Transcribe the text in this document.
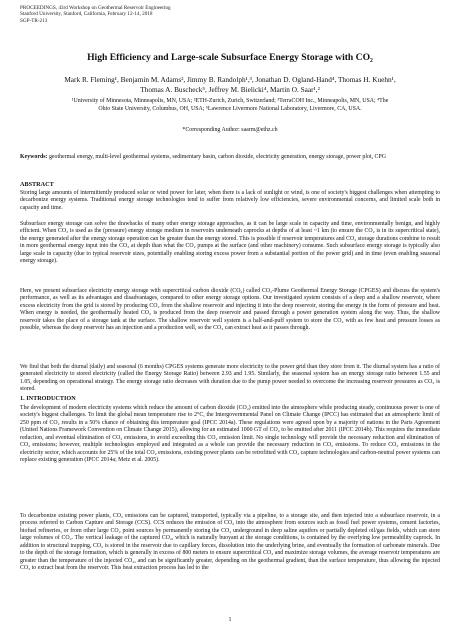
PROCEEDINGS, 43rd Workshop on Geothermal Reservoir Engineering
Stanford University, Stanford, California, February 12-14, 2018
SGP-TR-213
High Efficiency and Large-scale Subsurface Energy Storage with CO₂
Mark R. Fleming¹, Benjamin M. Adams², Jimmy B. Randolph¹,³, Jonathan D. Ogland-Hand⁴, Thomas H. Kuehn¹,
Thomas A. Buscheck⁵, Jeffrey M. Bielicki⁴, Martin O. Saar¹,²
¹University of Minnesota, Minneapolis, MN, USA; ²ETH-Zurich, Zurich, Switzerland; ³TerraCOH Inc., Minneapolis, MN, USA; ⁴The
Ohio State University, Columbus, OH, USA; ⁵Lawrence Livermore National Laboratory, Livermore, CA, USA.
*Corresponding Author: saarm@ethz.ch
Keywords: geothermal energy, multi-level geothermal systems, sedimentary basin, carbon dioxide, electricity generation, energy storage, power plot, CPG
ABSTRACT
Storing large amounts of intermittently produced solar or wind power for later, when there is a lack of sunlight or wind, is one of society's biggest challenges when attempting to decarbonize energy systems. Traditional energy storage technologies tend to suffer from relatively low efficiencies, severe environmental concerns, and limited scale both in capacity and time.
Subsurface energy storage can solve the drawbacks of many other energy storage approaches, as it can be large scale in capacity and time, environmentally benign, and highly efficient. When CO₂ is used as the (pressure) energy storage medium in reservoirs underneath caprocks at depths of at least ~1 km (to ensure the CO₂ is in its supercritical state), the energy generated after the energy storage operation can be greater than the energy stored. This is possible if reservoir temperatures and CO₂ storage durations combine to result in more geothermal energy input into the CO₂ at depth than what the CO₂ pumps at the surface (and other machinery) consume. Such subsurface energy storage is typically also large scale in capacity (due to typical reservoir sizes, potentially enabling storing excess power from a substantial portion of the power grid) and in time (even enabling seasonal energy storage).
Here, we present subsurface electricity energy storage with supercritical carbon dioxide (CO₂) called CO₂-Plume Geothermal Energy Storage (CPGES) and discuss the system's performance, as well as its advantages and disadvantages, compared to other energy storage options. Our investigated system consists of a deep and a shallow reservoir, where excess electricity from the grid is stored by producing CO₂ from the shallow reservoir and injecting it into the deep reservoir, storing the energy in the form of pressure and heat. When energy is needed, the geothermally heated CO₂ is produced from the deep reservoir and passed through a power generation system along the way. Thus, the shallow reservoir takes the place of a storage tank at the surface. The shallow reservoir well system is a half-and-puff system to store the CO₂ with as few heat and pressure losses as possible, whereas the deep reservoir has an injection and a production well, so the CO₂ can extract heat as it passes through.
We find that both the diurnal (daily) and seasonal (6 months) CPGES systems generate more electricity to the power grid than they store from it. The diurnal system has a ratio of generated electricity to stored electricity (called the Energy Storage Ratio) between 2.93 and 1.95. Similarly, the seasonal system has an energy storage ratio between 1.55 and 1.05, depending on operational strategy. The energy storage ratio decreases with duration due to the pump power needed to overcome the increasing reservoir pressures as CO₂ is stored.
1. INTRODUCTION
The development of modern electricity systems which reduce the amount of carbon dioxide (CO₂) emitted into the atmosphere while producing steady, continuous power is one of society's biggest challenges. To limit the global mean temperature rise to 2°C, the Intergovernmental Panel on Climate Change (IPCC) has estimated that an atmospheric limit of 250 ppm of CO₂ results in a 50% chance of obtaining this temperature goal (IPCC 2014a). These regulations were agreed upon by a majority of nations in the Paris Agreement (United Nations Framework Convention on Climate Change 2015), allowing for an estimated 1000 GT of CO₂ to be emitted after 2011 (IPCC 2014b). This requires the immediate reduction, and eventual elimination of CO₂ emissions, to avoid exceeding this CO₂ emission limit. No single technology will provide the necessary reduction and elimination of CO₂ emissions; however, multiple technologies employed and integrated as a whole can provide the necessary reduction in CO₂ emissions. To reduce CO₂ emissions in the electricity sector, which accounts for 25% of the total CO₂ emissions, existing power plants can be retrofitted with CO₂ capture technologies and carbon-neutral power systems can replace existing generation (IPCC 2014a; Metz et al. 2005).
To decarbonize existing power plants, CO₂ emissions can be captured, transported, typically via a pipeline, to a storage site, and then injected into a subsurface reservoir, in a process referred to Carbon Capture and Storage (CCS). CCS reduces the emission of CO₂ into the atmosphere from sources such as fossil fuel power systems, cement factories, biofuel refineries, or from other large CO₂ point sources by permanently storing the CO₂ underground in deep saline aquifers or partially depleted oil/gas fields, which can store large volumes of CO₂. The vertical leakage of the captured CO₂, which is naturally buoyant at the storage conditions, is contained by the overlying low permeability caprock. In addition to structural trapping, CO₂ is stored in the reservoir due to capillary forces, dissolution into the underlying brine, and eventually the formation of carbonate minerals. Due to the depth of the storage formation, which is generally in excess of 800 meters to ensure supercritical CO₂ and maximize storage volumes, the average reservoir temperatures are greater than the temperature of the injected CO₂, and can be significantly greater, depending on the geothermal gradient, than the surface temperature, thus allowing the injected CO₂ to extract heat from the reservoir. This heat extraction process has led to the
1
